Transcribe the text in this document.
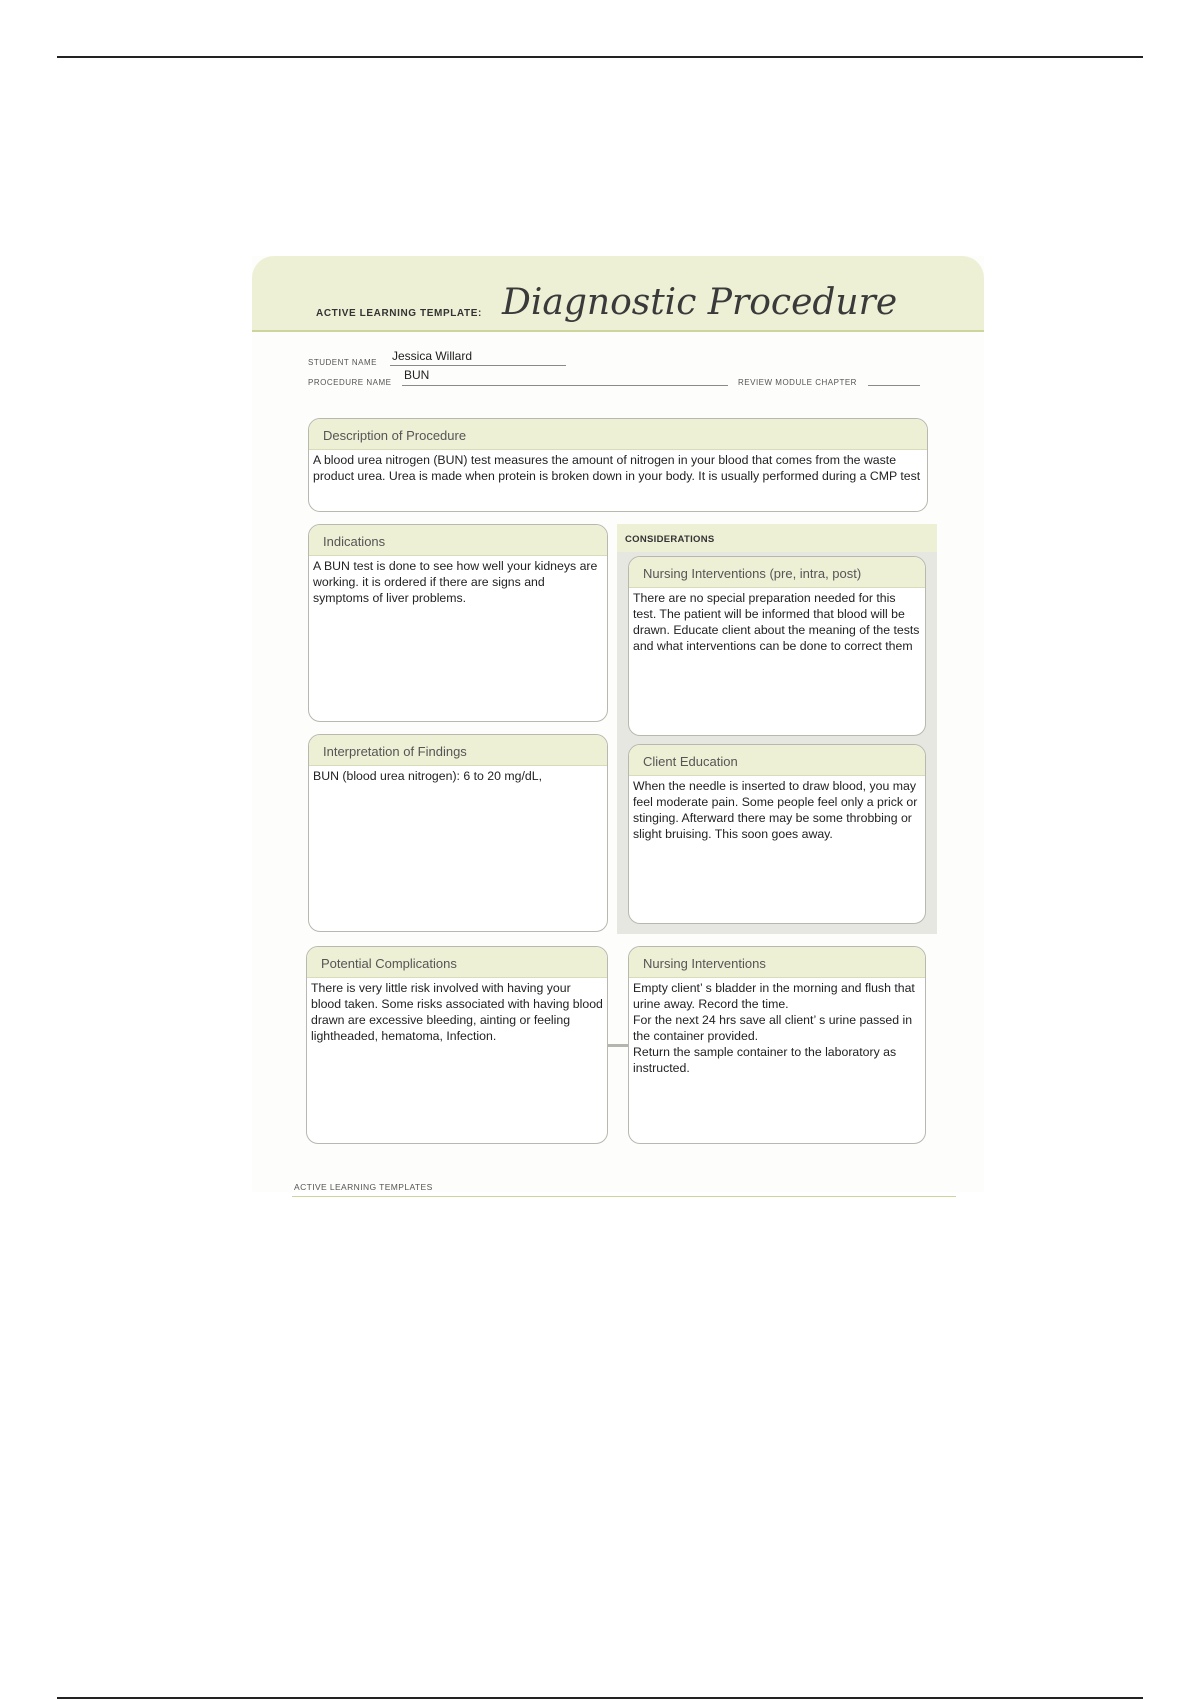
ACTIVE LEARNING TEMPLATE: Diagnostic Procedure
STUDENT NAME Jessica Willard
PROCEDURE NAME
BUN
REVIEW MODULE CHAPTER
Description of Procedure
A blood urea nitrogen (BUN) test measures the amount of nitrogen in your blood that comes from the waste product urea. Urea is made when protein is broken down in your body. It is usually performed during a CMP test
CONSIDERATIONS
Indications
A BUN test is done to see how well your kidneys are working. it is ordered if there are signs and symptoms of liver problems.
Nursing Interventions (pre, intra, post)
There are no special preparation needed for this test. The patient will be informed that blood will be drawn. Educate client about the meaning of the tests and what interventions can be done to correct them
Interpretation of Findings
BUN (blood urea nitrogen): 6 to 20 mg/dL,
Client Education
When the needle is inserted to draw blood, you may feel moderate pain. Some people feel only a prick or stinging. Afterward there may be some throbbing or slight bruising. This soon goes away.
Potential Complications
There is very little risk involved with having your blood taken. Some risks associated with having blood drawn are excessive bleeding, ainting or feeling lightheaded, hematoma, Infection.
Nursing Interventions
Empty client’ s bladder in the morning and flush that urine away. Record the time.
For the next 24 hrs save all client’ s urine passed in the container provided.
Return the sample container to the laboratory as instructed.
ACTIVE LEARNING TEMPLATES
